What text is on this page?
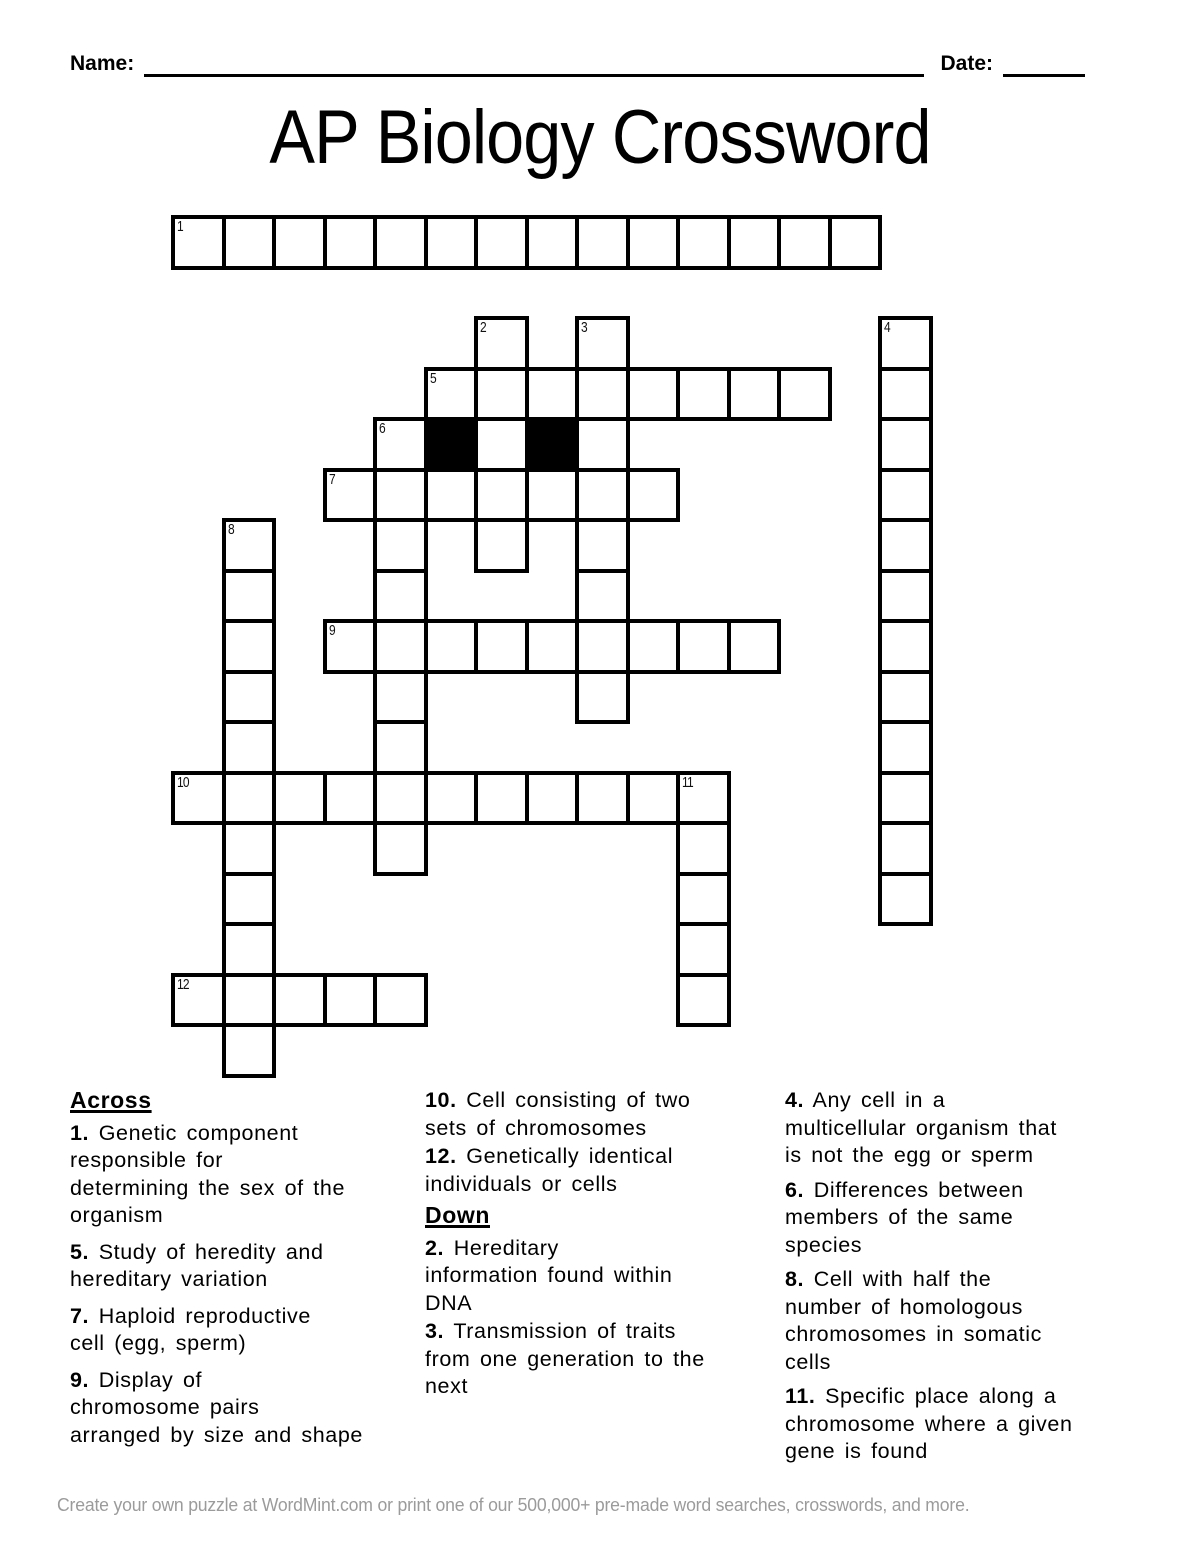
Name:	Date:
AP Biology Crossword
1
2	3	4
5
6
7
8
9
10	11
12
Across
1. Genetic component
responsible for
determining the sex of the
organism
5. Study of heredity and
hereditary variation
7. Haploid reproductive
cell (egg, sperm)
9. Display of
chromosome pairs
arranged by size and shape
10. Cell consisting of two
sets of chromosomes
12. Genetically identical
individuals or cells
Down
2. Hereditary
information found within
DNA
3. Transmission of traits
from one generation to the
next
4. Any cell in a
multicellular organism that
is not the egg or sperm
6. Differences between
members of the same
species
8. Cell with half the
number of homologous
chromosomes in somatic
cells
11. Specific place along a
chromosome where a given
gene is found
Create your own puzzle at WordMint.com or print one of our 500,000+ pre-made word searches, crosswords, and more.
